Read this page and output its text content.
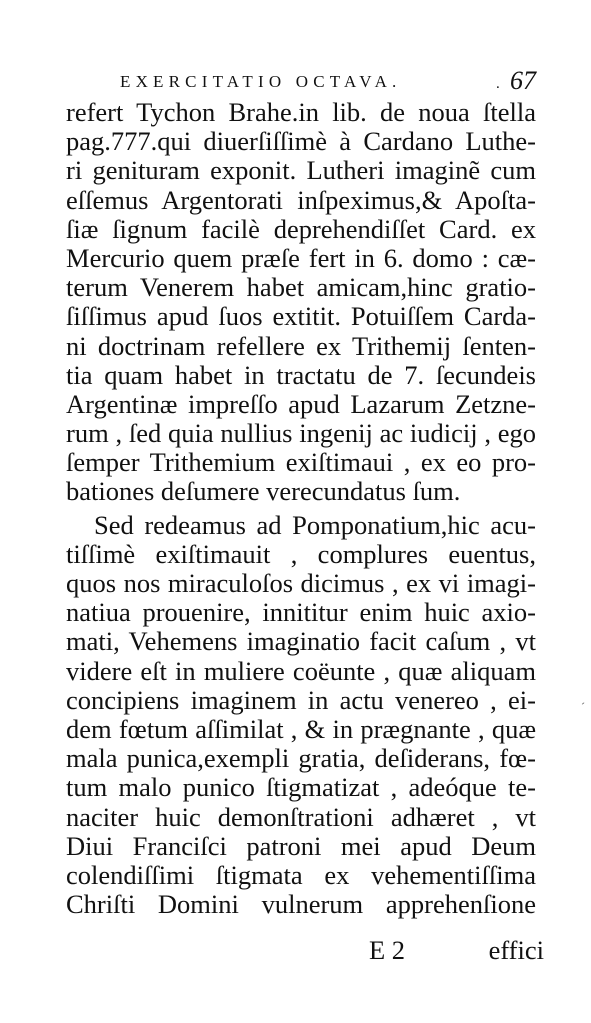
EXERCITATIO OCTAVA.	. 67
refert Tychon Brahe.in lib. de noua ſtella
pag.777.qui diuerſiſſimè à Cardano Luthe-
ri genituram exponit. Lutheri imaginẽ cum
eſſemus Argentorati inſpeximus,& Apoſta-
ſiæ ſignum facilè deprehendiſſet Card. ex
Mercurio quem præſe fert in 6. domo : cæ-
terum Venerem habet amicam,hinc gratio-
ſiſſimus apud ſuos extitit. Potuiſſem Carda-
ni doctrinam refellere ex Trithemij ſenten-
tia quam habet in tractatu de 7. ſecundeis
Argentinæ impreſſo apud Lazarum Zetzne-
rum , ſed quia nullius ingenij ac iudicij , ego
ſemper Trithemium exiſtimaui , ex eo pro-
bationes deſumere verecundatus ſum.
Sed redeamus ad Pomponatium,hic acu-
tiſſimè exiſtimauit , complures euentus,
quos nos miraculoſos dicimus , ex vi imagi-
natiua prouenire, innititur enim huic axio-
mati, Vehemens imaginatio facit caſum , vt
videre eſt in muliere coëunte , quæ aliquam
concipiens imaginem in actu venereo , ei-
dem fœtum aſſimilat , & in prægnante , quæ
mala punica,exempli gratia, deſiderans, fœ-
tum malo punico ſtigmatizat , adeóque te-
naciter huic demonſtrationi adhæret , vt
Diui Franciſci patroni mei apud Deum
colendiſſimi ſtigmata ex vehementiſſima
Chriſti Domini vulnerum apprehenſione
E 2	effici
ˊ
